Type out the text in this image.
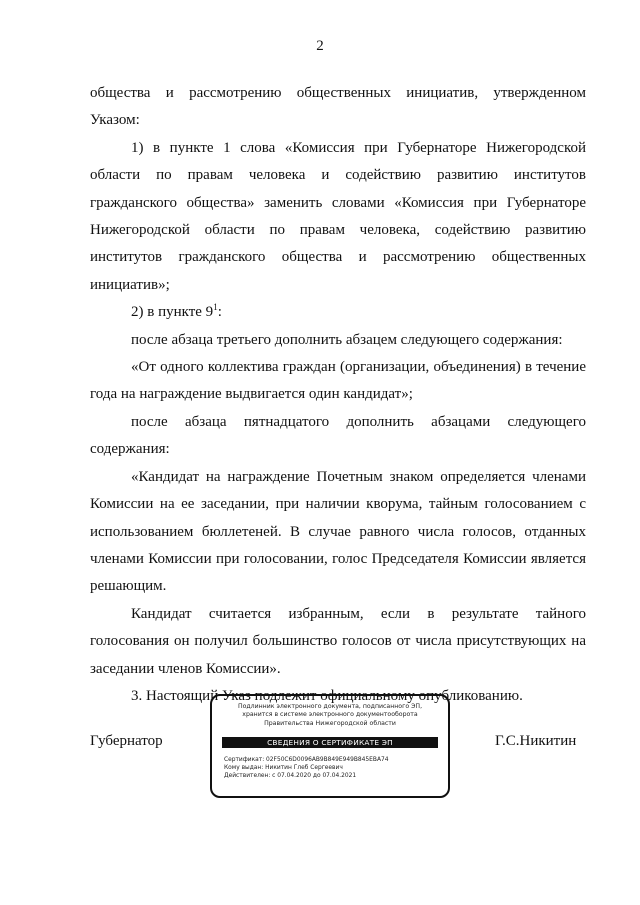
2

общества и рассмотрению общественных инициатив, утвержденном

Указом:

1) в пункте 1 слова «Комиссия при Губернаторе Нижегородской области по правам человека и содействию развитию институтов гражданского общества» заменить словами «Комиссия при Губернаторе Нижегородской области по правам человека, содействию развитию институтов гражданского общества и рассмотрению общественных инициатив»;

2) в пункте $9^1$:

после абзаца третьего дополнить абзацем следующего содержания:

«От одного коллектива граждан (организации, объединения) в течение года на награждение выдвигается один кандидат»;

после абзаца пятнадцатого дополнить абзацами следующего содержания:

«Кандидат на награждение Почетным знаком определяется членами Комиссии на ее заседании, при наличии кворума, тайным голосованием с использованием бюллетеней. В случае равного числа голосов, отданных членами Комиссии при голосовании, голос Председателя Комиссии является решающим.

Кандидат считается избранным, если в результате тайного голосования он получил большинство голосов от числа присутствующих на заседании членов Комиссии».

3. Настоящий Указ подлежит официальному опубликованию.

Губернатор
Подлинник электронного документа, подписанного ЭП,
хранится в системе электронного документооборота
Правительства Нижегородской области
СВЕДЕНИЯ О СЕРТИФИКАТЕ ЭП
Сертификат: 02F50C6D0096AB9B849E949B845EBA74
Кому выдан: Никитин Глеб Сергеевич
Действителен: с 07.04.2020 до 07.04.2021
Г.С.Никитин
